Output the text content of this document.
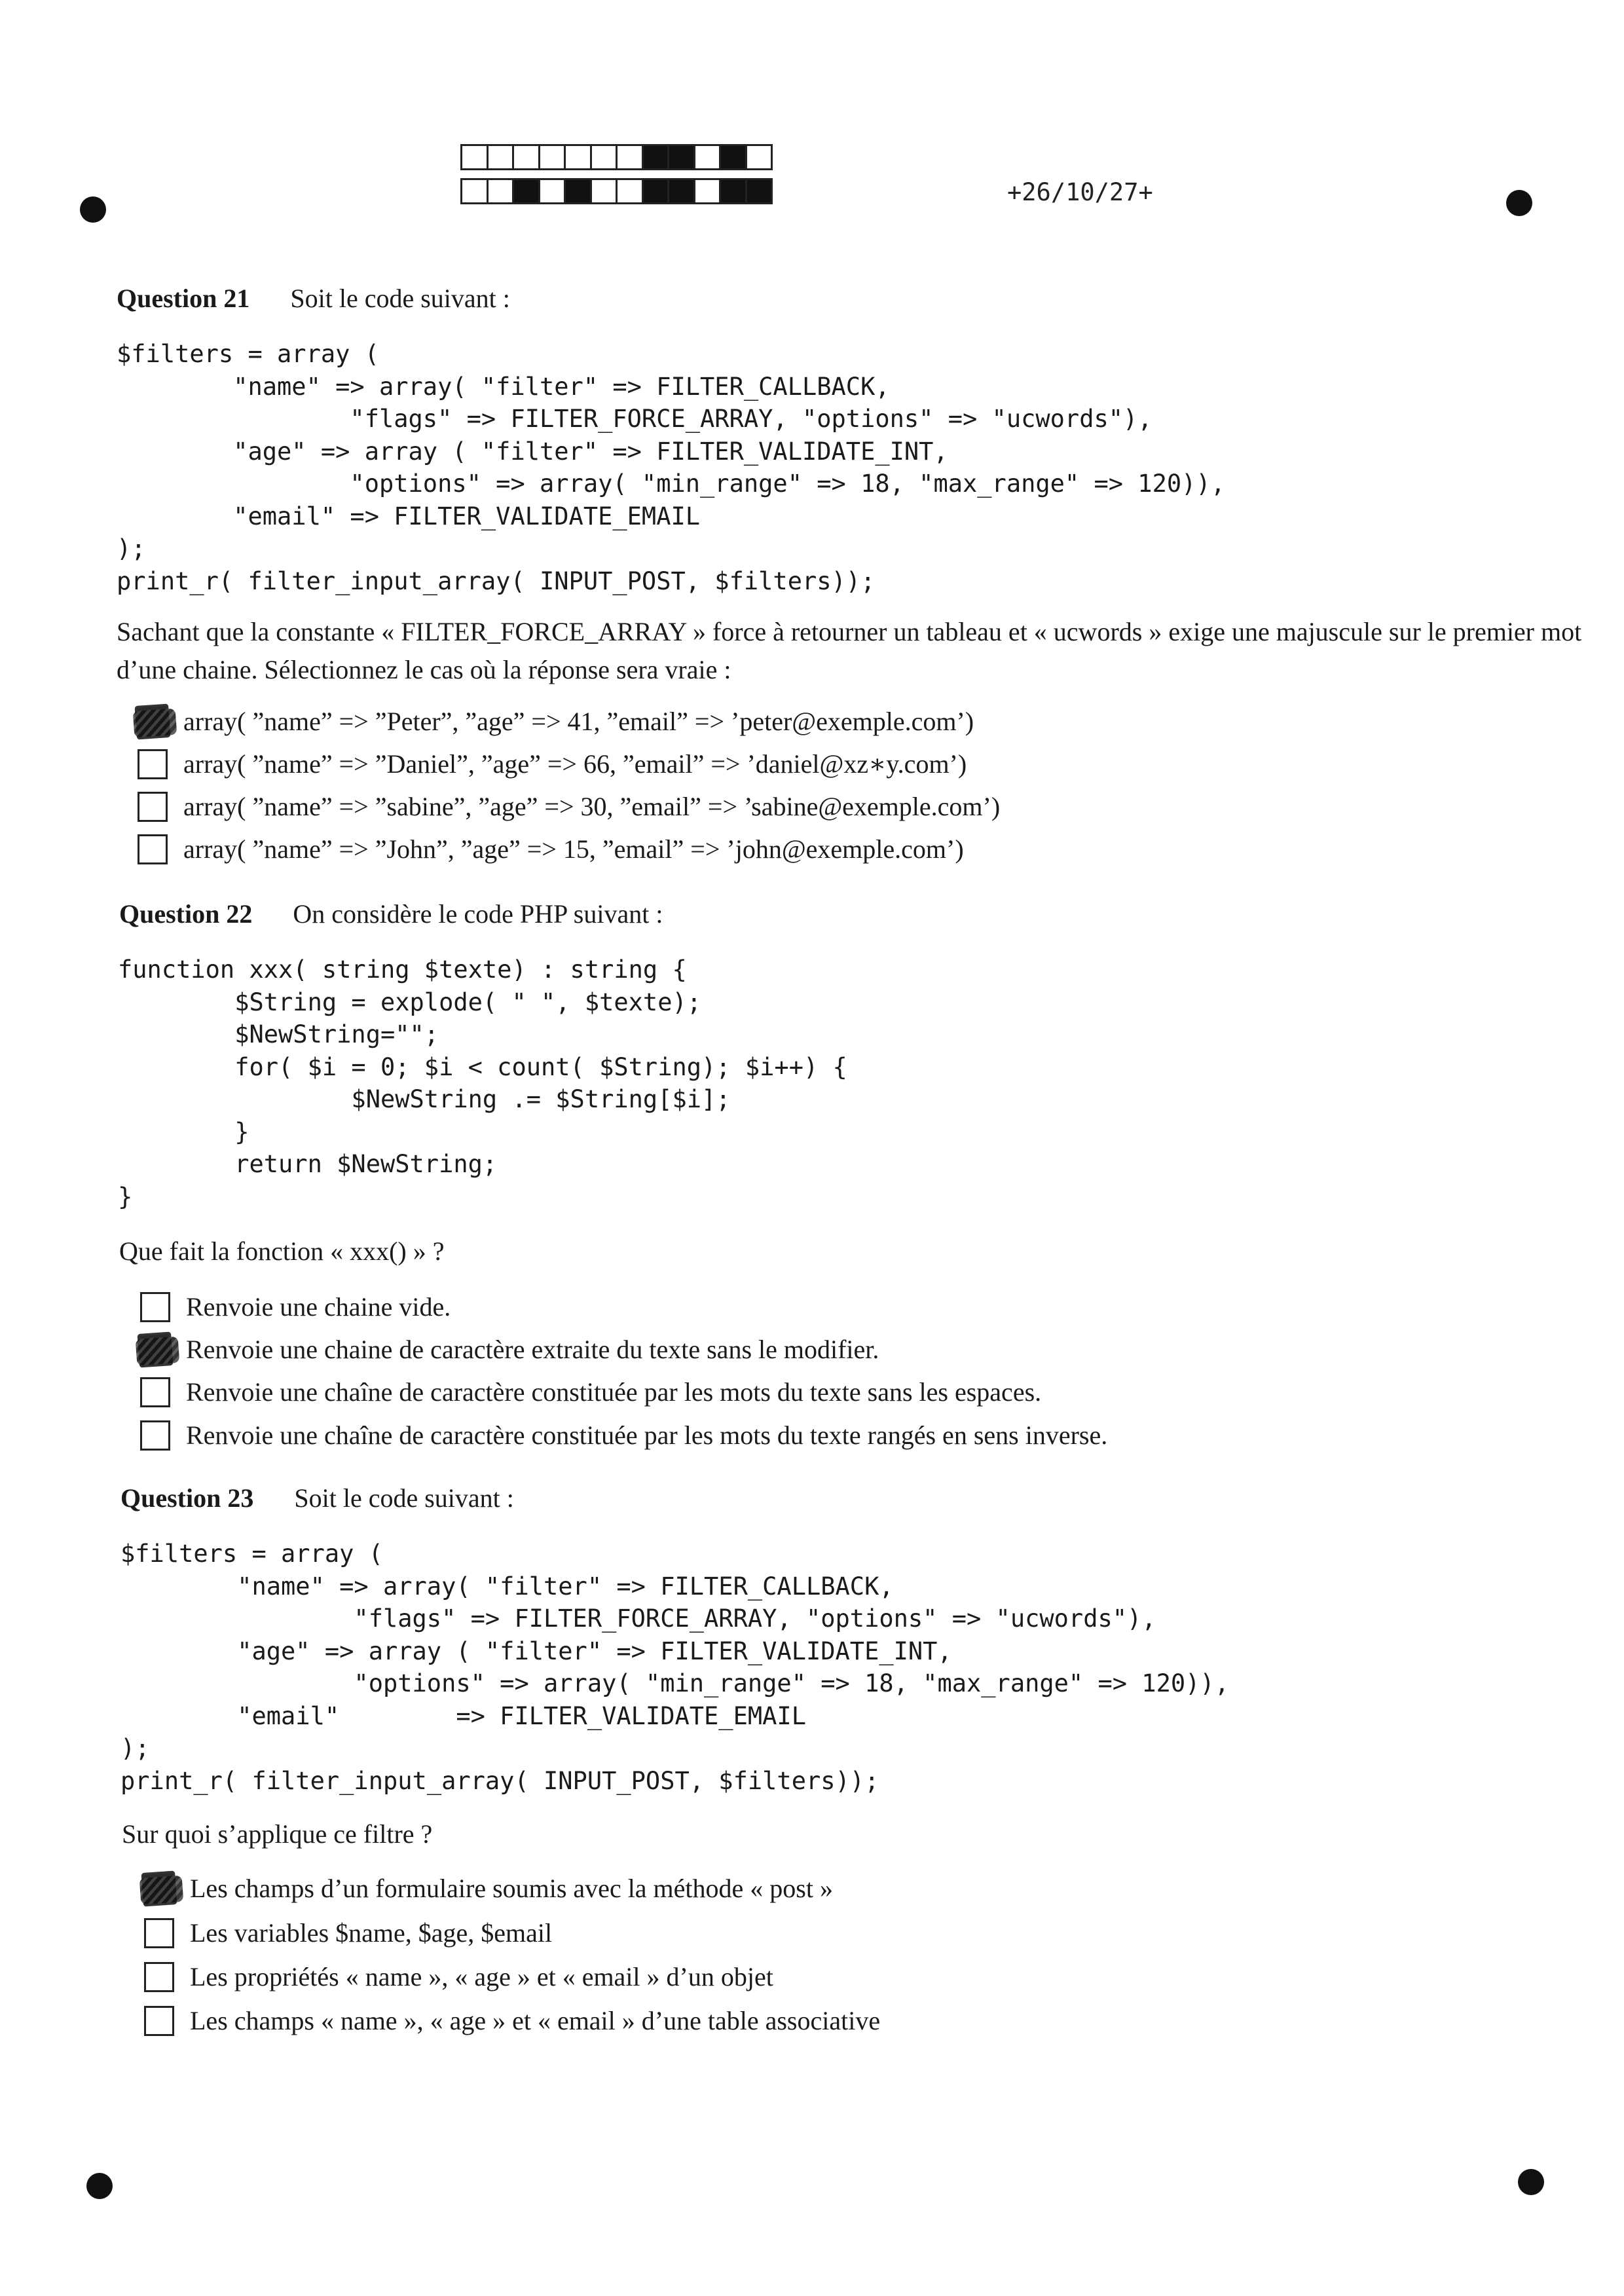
+26/10/27+
Question 21 Soit le code suivant :
$filters = array (
"name" => array( "filter" => FILTER_CALLBACK,
"flags" => FILTER_FORCE_ARRAY, "options" => "ucwords"),
"age" => array ( "filter" => FILTER_VALIDATE_INT,
"options" => array( "min_range" => 18, "max_range" => 120)),
"email" => FILTER_VALIDATE_EMAIL
);
print_r( filter_input_array( INPUT_POST, $filters));
Sachant que la constante « FILTER_FORCE_ARRAY » force à retourner un tableau et « ucwords » exige une majuscule sur le premier mot d’une chaine. Sélectionnez le cas où la réponse sera vraie :
array( ”name” => ”Peter”, ”age” => 41, ”email” => ’peter@exemple.com’)
array( ”name” => ”Daniel”, ”age” => 66, ”email” => ’daniel@xz∗y.com’)
array( ”name” => ”sabine”, ”age” => 30, ”email” => ’sabine@exemple.com’)
array( ”name” => ”John”, ”age” => 15, ”email” => ’john@exemple.com’)
Question 22 On considère le code PHP suivant :
function xxx( string $texte) : string {
$String = explode( " ", $texte);
$NewString="";
for( $i = 0; $i < count( $String); $i++) {
$NewString .= $String[$i];
}
return $NewString;
}
Que fait la fonction « xxx() » ?
Renvoie une chaine vide.
Renvoie une chaine de caractère extraite du texte sans le modifier.
Renvoie une chaîne de caractère constituée par les mots du texte sans les espaces.
Renvoie une chaîne de caractère constituée par les mots du texte rangés en sens inverse.
Question 23 Soit le code suivant :
$filters = array (
"name" => array( "filter" => FILTER_CALLBACK,
"flags" => FILTER_FORCE_ARRAY, "options" => "ucwords"),
"age" => array ( "filter" => FILTER_VALIDATE_INT,
"options" => array( "min_range" => 18, "max_range" => 120)),
"email"        => FILTER_VALIDATE_EMAIL
);
print_r( filter_input_array( INPUT_POST, $filters));
Sur quoi s’applique ce filtre ?
Les champs d’un formulaire soumis avec la méthode « post »
Les variables $name, $age, $email
Les propriétés « name », « age » et « email » d’un objet
Les champs « name », « age » et « email » d’une table associative
